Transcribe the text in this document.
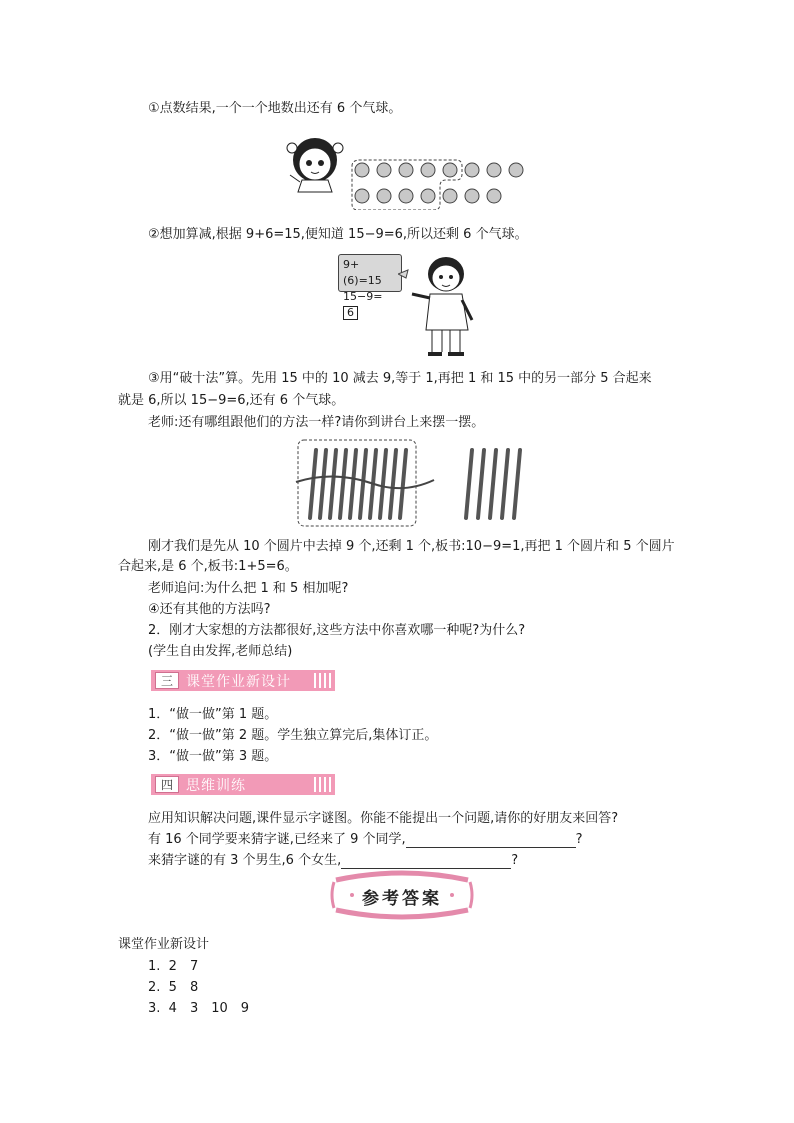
①点数结果,一个一个地数出还有 6 个气球。
②想加算减,根据 9+6=15,便知道 15−9=6,所以还剩 6 个气球。
9+(6)=15
15−9=6
③用“破十法”算。先用 15 中的 10 减去 9,等于 1,再把 1 和 15 中的另一部分 5 合起来
就是 6,所以 15−9=6,还有 6 个气球。
老师:还有哪组跟他们的方法一样?请你到讲台上来摆一摆。
刚才我们是先从 10 个圆片中去掉 9 个,还剩 1 个,板书:10−9=1,再把 1 个圆片和 5 个圆片
合起来,是 6 个,板书:1+5=6。
老师追问:为什么把 1 和 5 相加呢?
④还有其他的方法吗?
2．刚才大家想的方法都很好,这些方法中你喜欢哪一种呢?为什么?
(学生自由发挥,老师总结)
三 课堂作业新设计
1．“做一做”第 1 题。
2．“做一做”第 2 题。学生独立算完后,集体订正。
3．“做一做”第 3 题。
四 思维训练
应用知识解决问题,课件显示字谜图。你能不能提出一个问题,请你的好朋友来回答?
有 16 个同学要来猜字谜,已经来了 9 个同学,	?
来猜字谜的有 3 个男生,6 个女生,	?
参考答案
课堂作业新设计
1. 2　7
2. 5　8
3. 4　3　10　9
